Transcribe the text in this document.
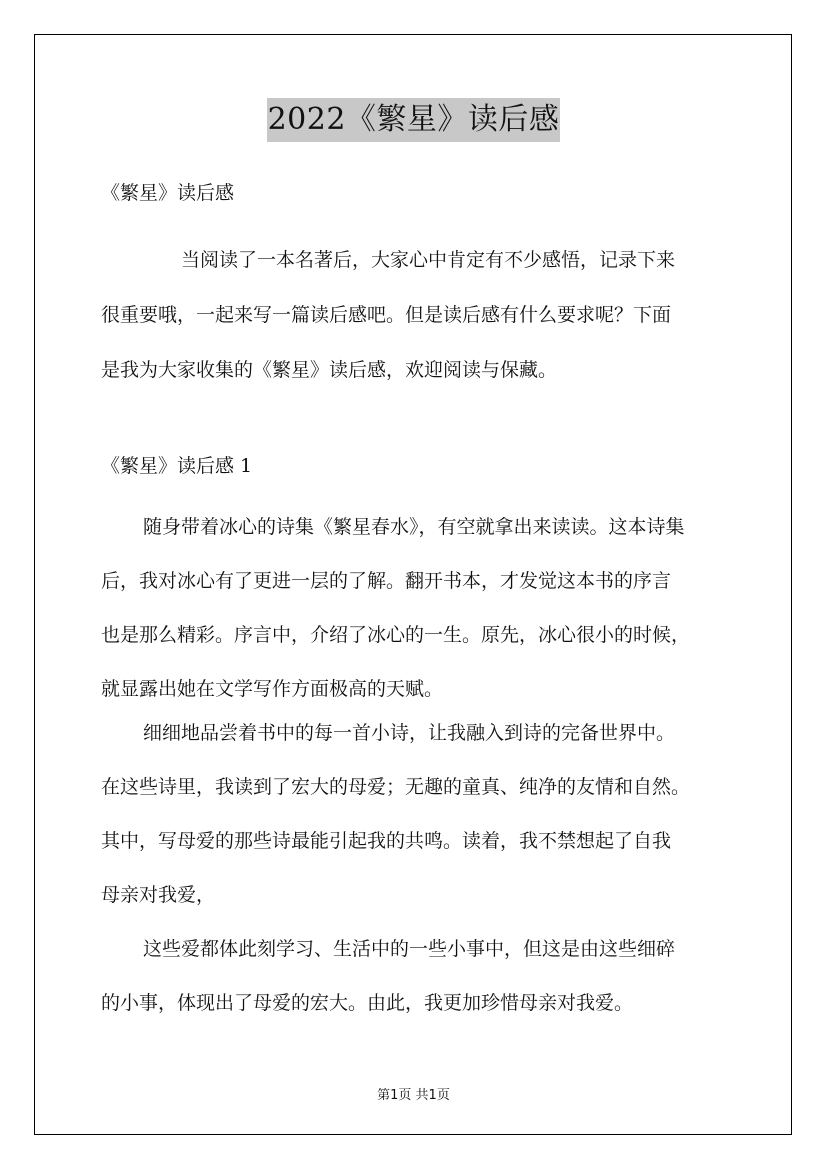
2022《繁星》读后感
《繁星》读后感

当阅读了一本名著后，大家心中肯定有不少感悟，记录下来

很重要哦，一起来写一篇读后感吧。但是读后感有什么要求呢？下面

是我为大家收集的《繁星》读后感，欢迎阅读与保藏。

《繁星》读后感 1

随身带着冰心的诗集《繁星春水》，有空就拿出来读读。这本诗集

后，我对冰心有了更进一层的了解。翻开书本，才发觉这本书的序言

也是那么精彩。序言中，介绍了冰心的一生。原先，冰心很小的时候，

就显露出她在文学写作方面极高的天赋。

细细地品尝着书中的每一首小诗，让我融入到诗的完备世界中。

在这些诗里，我读到了宏大的母爱；无趣的童真、纯净的友情和自然。

其中，写母爱的那些诗最能引起我的共鸣。读着，我不禁想起了自我

母亲对我爱，

这些爱都体此刻学习、生活中的一些小事中，但这是由这些细碎

的小事，体现出了母爱的宏大。由此，我更加珍惜母亲对我爱。

第1页 共1页
